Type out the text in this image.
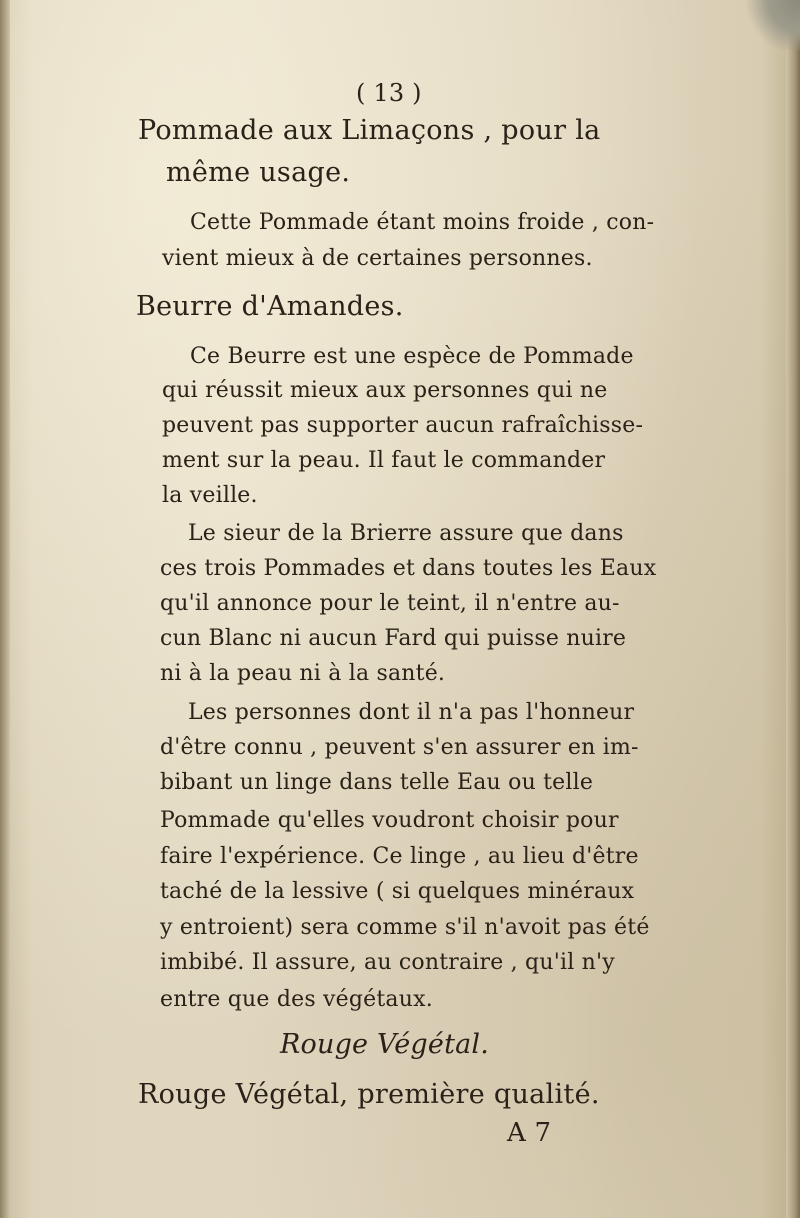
( 13 )
Pommade aux Limaçons , pour la
même usage.
Cette Pommade étant moins froide , con-
vient mieux à de certaines personnes.
Beurre d'Amandes.
Ce Beurre est une espèce de Pommade
qui réussit mieux aux personnes qui ne
peuvent pas supporter aucun rafraîchisse-
ment sur la peau. Il faut le commander
la veille.
Le sieur de la Brierre assure que dans
ces trois Pommades et dans toutes les Eaux
qu'il annonce pour le teint, il n'entre au-
cun Blanc ni aucun Fard qui puisse nuire
ni à la peau ni à la santé.
Les personnes dont il n'a pas l'honneur
d'être connu , peuvent s'en assurer en im-
bibant un linge dans telle Eau ou telle
Pommade qu'elles voudront choisir pour
faire l'expérience. Ce linge , au lieu d'être
taché de la lessive ( si quelques minéraux
y entroient) sera comme s'il n'avoit pas été
imbibé. Il assure, au contraire , qu'il n'y
entre que des végétaux.
Rouge Végétal.
Rouge Végétal, première qualité.
A 7
